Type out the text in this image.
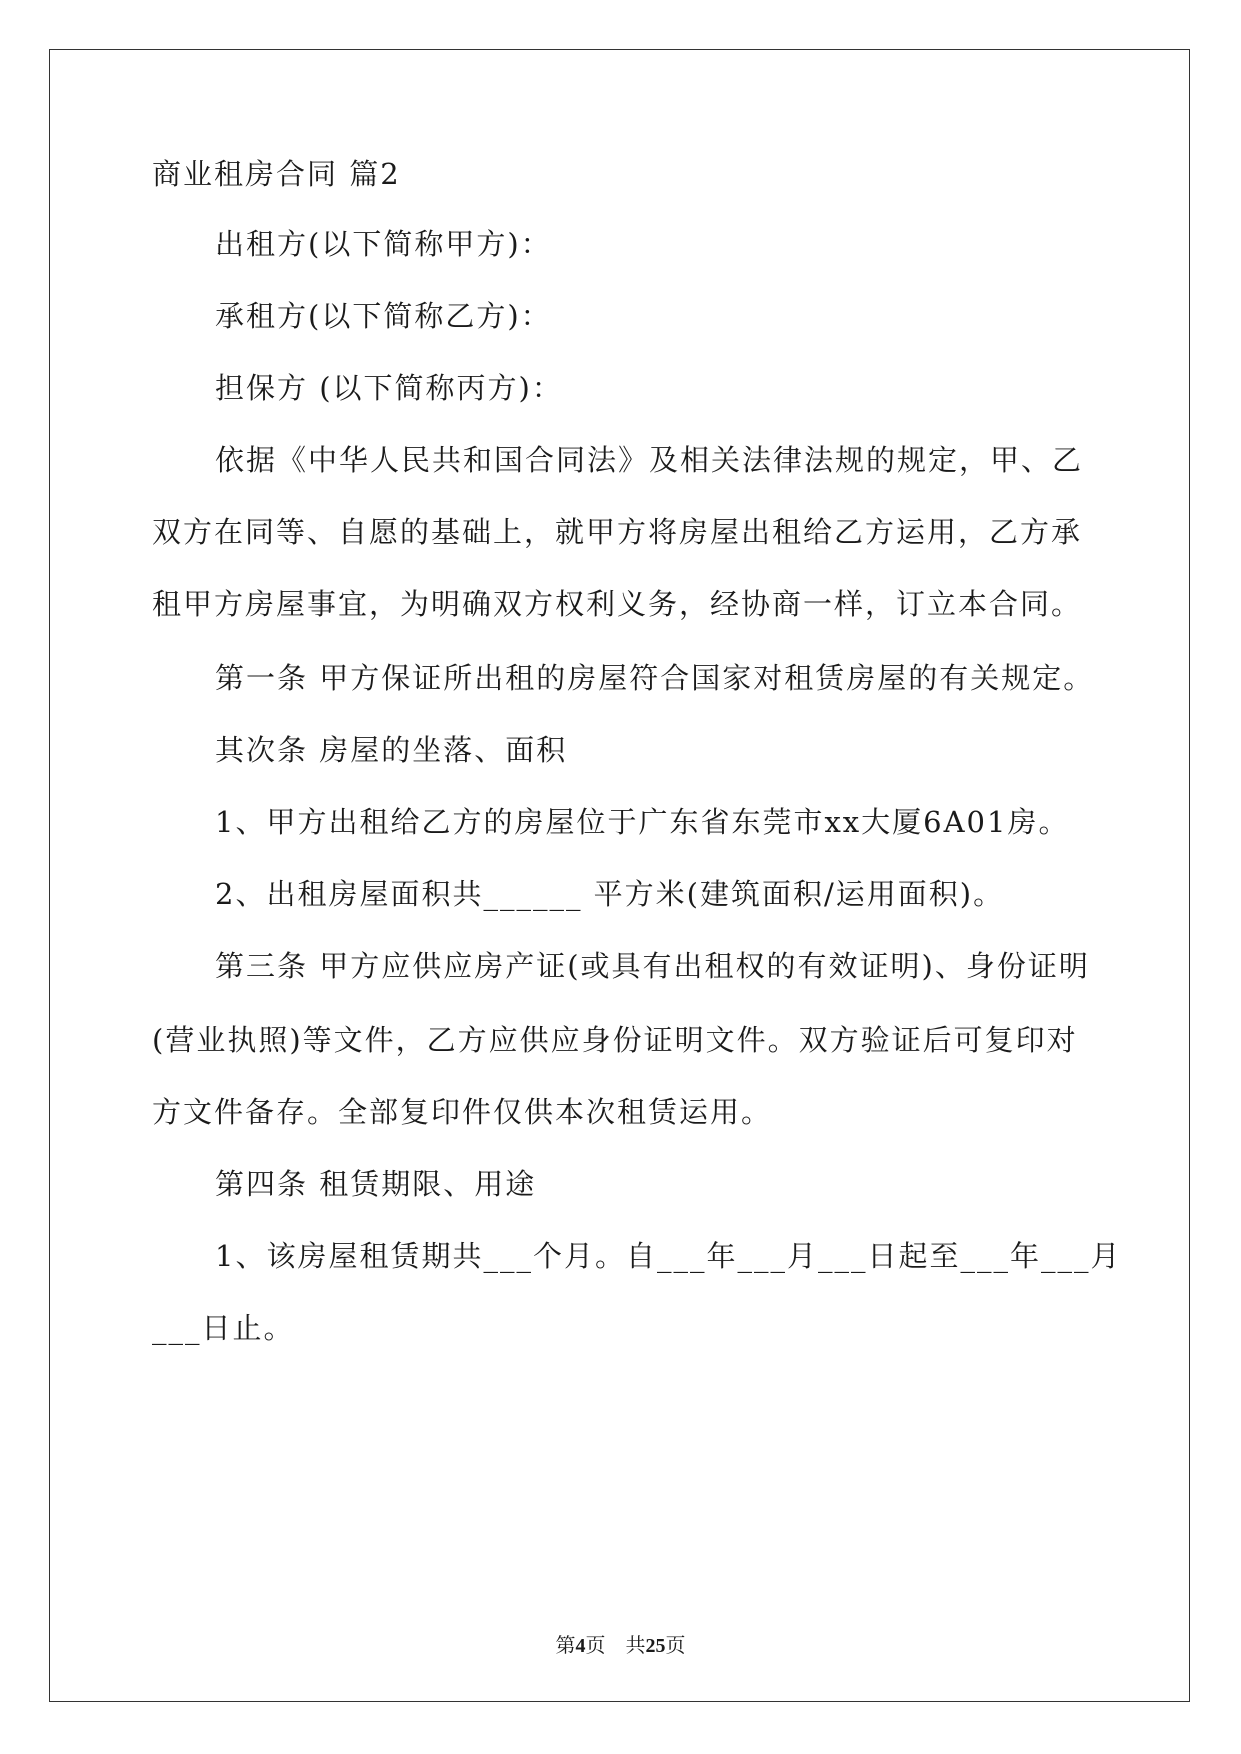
商业租房合同 篇2
出租方(以下简称甲方)：
承租方(以下简称乙方)：
担保方 (以下简称丙方)：
依据《中华人民共和国合同法》及相关法律法规的规定，甲、乙
双方在同等、自愿的基础上，就甲方将房屋出租给乙方运用，乙方承
租甲方房屋事宜，为明确双方权利义务，经协商一样，订立本合同。
第一条 甲方保证所出租的房屋符合国家对租赁房屋的有关规定。
其次条 房屋的坐落、面积
1、甲方出租给乙方的房屋位于广东省东莞市xx大厦6A01房。
2、出租房屋面积共______ 平方米(建筑面积/运用面积)。
第三条 甲方应供应房产证(或具有出租权的有效证明)、身份证明
(营业执照)等文件，乙方应供应身份证明文件。双方验证后可复印对
方文件备存。全部复印件仅供本次租赁运用。
第四条 租赁期限、用途
1、该房屋租赁期共___个月。自___年___月___日起至___年___月
___日止。
第4页　共25页
